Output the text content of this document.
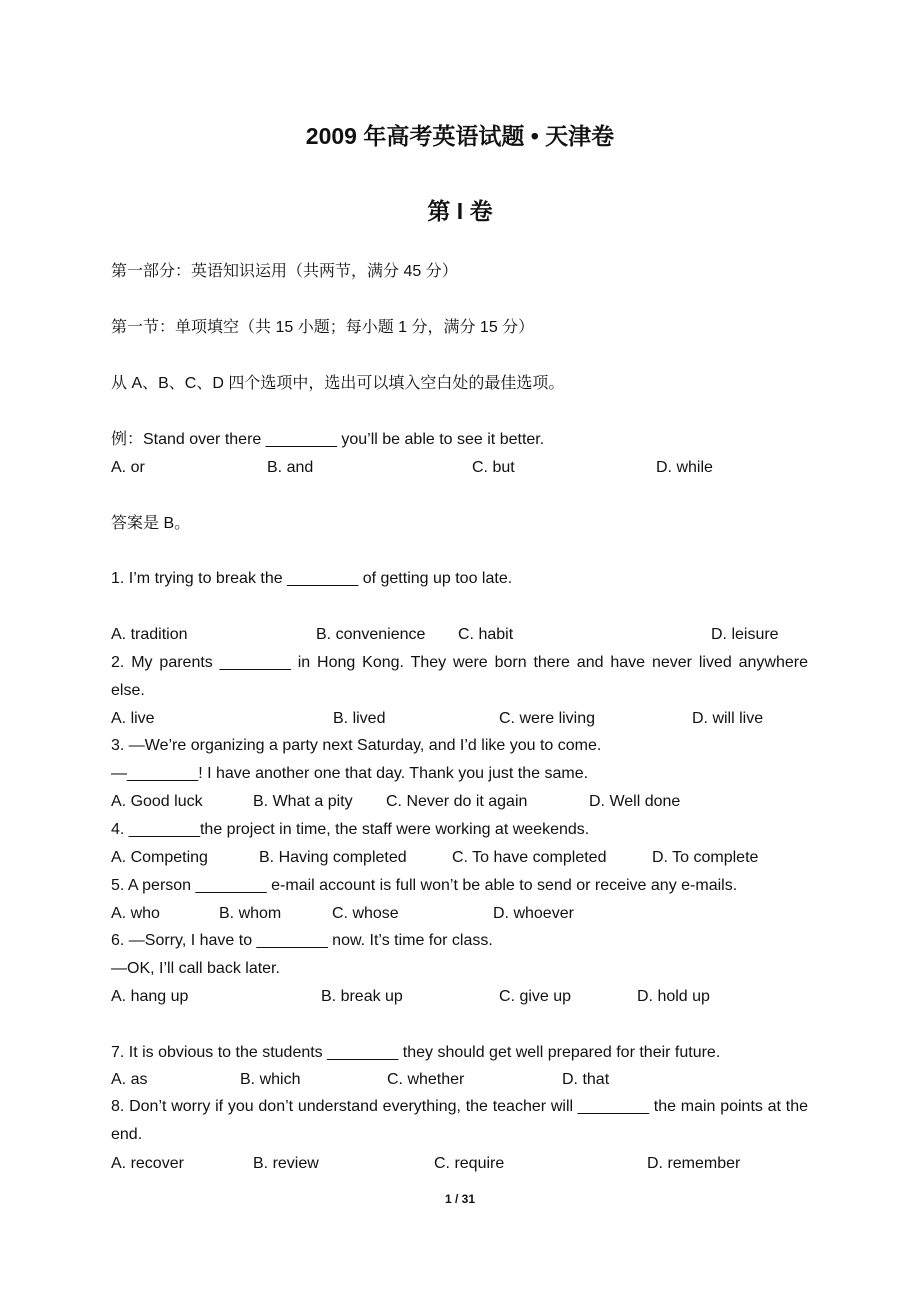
2009 年高考英语试题 • 天津卷
第 I 卷

第一部分：英语知识运用（共两节，满分 45 分）

第一节：单项填空（共 15 小题；每小题 1 分，满分 15 分）

从 A、B、C、D 四个选项中，选出可以填入空白处的最佳选项。

例：Stand over there ________ you’ll be able to see it better.

A. or	B. and	C. but	D. while

答案是 B。

1. I’m trying to break the ________ of getting up too late.

A. tradition	B. convenience C. habit	D. leisure

2. My parents ________ in Hong Kong. They were born there and have never lived anywhere else.

A. live	B. lived	C. were living	D. will live

3. —We’re organizing a party next Saturday, and I’d like you to come.

—________! I have another one that day. Thank you just the same.

A. Good luck	B. What a pity C. Never do it again	D. Well done

4. ________the project in time, the staff were working at weekends.

A. Competing	B. Having completed	C. To have completed	D. To complete

5. A person ________ e-mail account is full won’t be able to send or receive any e-mails.

A. who	B. whom	C. whose	D. whoever

6. —Sorry, I have to ________ now. It’s time for class.

—OK, I’ll call back later.

A. hang up	B. break up	C. give up	D. hold up

7. It is obvious to the students ________ they should get well prepared for their future.

A. as	B. which	C. whether	D. that

8. Don’t worry if you don’t understand everything, the teacher will ________ the main points at the end.

A. recover	B. review	C. require	D. remember

1 / 31
